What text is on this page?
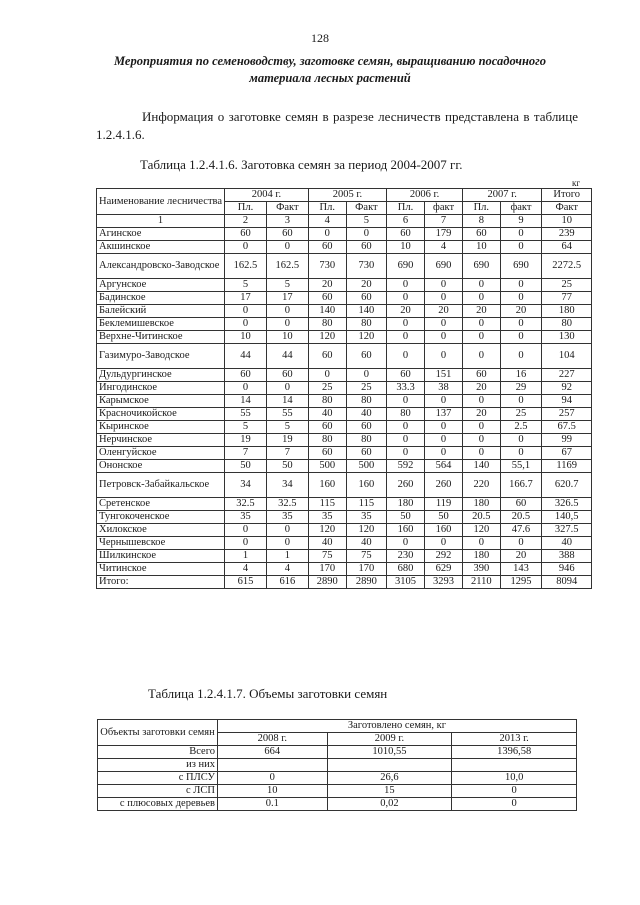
128
Мероприятия по семеноводству, заготовке семян, выращиванию посадочного материала лесных растений
Информация о заготовке семян в разрезе лесничеств представлена в таблице 1.2.4.1.6.
Таблица 1.2.4.1.6. Заготовка семян за период 2004-2007 гг.
кг
Наименование лесничества	2004 г.		2005 г.		2006 г.		2007 г.		Итого
	Пл.	Факт	Пл.	Факт	Пл.	факт	Пл.	факт	Факт
1	2	3	4	5	6	7	8	9	10
Агинское	60	60	0	0	60	179	60	0	239
Акшинское	0	0	60	60	10	4	10	0	64
Александровско-Заводское	162.5	162.5	730	730	690	690	690	690	2272.5
Аргунское	5	5	20	20	0	0	0	0	25
Бадинское	17	17	60	60	0	0	0	0	77
Балейский	0	0	140	140	20	20	20	20	180
Беклемишевское	0	0	80	80	0	0	0	0	80
Верхне-Читинское	10	10	120	120	0	0	0	0	130
Газимуро-Заводское	44	44	60	60	0	0	0	0	104
Дульдургинское	60	60	0	0	60	151	60	16	227
Ингодинское	0	0	25	25	33.3	38	20	29	92
Карымское	14	14	80	80	0	0	0	0	94
Красночикойское	55	55	40	40	80	137	20	25	257
Кыринское	5	5	60	60	0	0	0	2.5	67.5
Нерчинское	19	19	80	80	0	0	0	0	99
Оленгуйское	7	7	60	60	0	0	0	0	67
Ононское	50	50	500	500	592	564	140	55,1	1169
Петровск-Забайкальское	34	34	160	160	260	260	220	166.7	620.7
Сретенское	32.5	32.5	115	115	180	119	180	60	326.5
Тунгокоченское	35	35	35	35	50	50	20.5	20.5	140,5
Хилокское	0	0	120	120	160	160	120	47.6	327.5
Чернышевское	0	0	40	40	0	0	0	0	40
Шилкинское	1	1	75	75	230	292	180	20	388
Читинское	4	4	170	170	680	629	390	143	946
Итого:	615	616	2890	2890	3105	3293	2110	1295	8094
Таблица 1.2.4.1.7. Объемы заготовки семян
Объекты заготовки семян	Заготовлено семян, кг		
	2008 г.	2009 г.	2013 г.
Всего	664	1010,55	1396,58
из них			
с ПЛСУ	0	26,6	10,0
с ЛСП	10	15	0
с плюсовых деревьев	0.1	0,02	0
